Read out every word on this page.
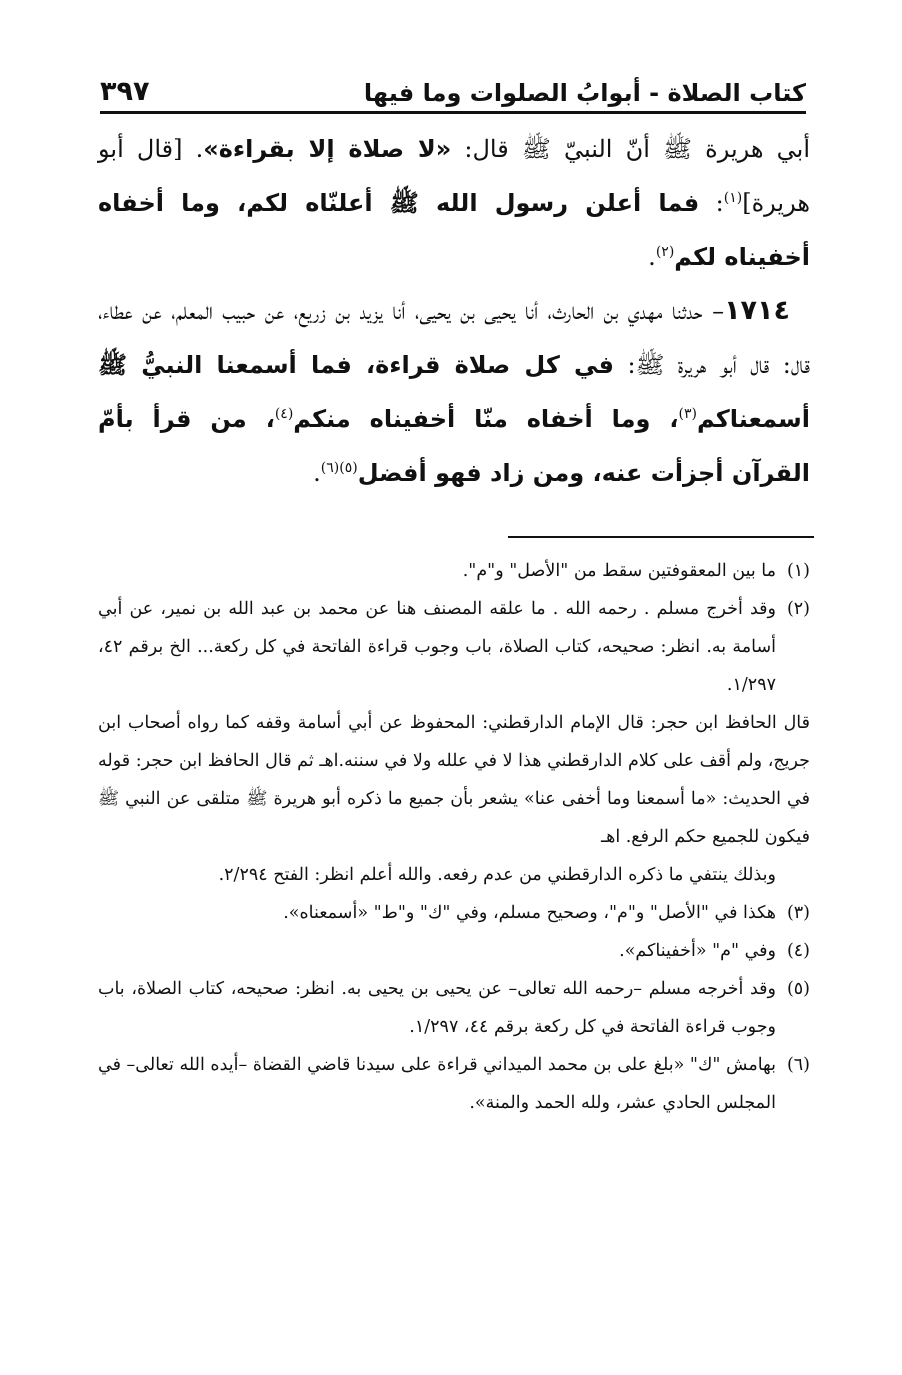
كتاب الصلاة - أبوابُ الصلوات وما فيها
٣٩٧

أبي هريرة ﷺ أنّ النبيّ ﷺ قال: «لا صلاة إلا بقراءة». [قال أبو هريرة]$^{(١)}$: فما أعلن رسول الله ﷺ أعلنّاه لكم، وما أخفاه أخفيناه لكم$^{(٢)}$.

١٧١٤– حدثنا مهدي بن الحارث، أنا يحيى بن يحيى، أنا يزيد بن زريع، عن حبيب المعلم، عن عطاء، قال: قال أبو هريرة ﷺ: في كل صلاة قراءة، فما أسمعنا النبيُّ ﷺ أسمعناكم$^{(٣)}$، وما أخفاه منّا أخفيناه منكم$^{(٤)}$، من قرأ بأمّ القرآن أجزأت عنه، ومن زاد فهو أفضل$^{(٥)(٦)}$.

(١)
ما بين المعقوفتين سقط من "الأصل" و"م".
(٢)
وقد أخرج مسلم . رحمه الله . ما علقه المصنف هنا عن محمد بن عبد الله بن نمير، عن أبي أسامة به. انظر: صحيحه، كتاب الصلاة، باب وجوب قراءة الفاتحة في كل ركعة... الخ برقم ٤٢، ١/٢٩٧.

قال الحافظ ابن حجر: قال الإمام الدارقطني: المحفوظ عن أبي أسامة وقفه كما رواه أصحاب ابن جريج، ولم أقف على كلام الدارقطني هذا لا في علله ولا في سننه.اهـ ثم قال الحافظ ابن حجر: قوله في الحديث: «ما أسمعنا وما أخفى عنا» يشعر بأن جميع ما ذكره أبو هريرة ﷺ متلقى عن النبي ﷺ فيكون للجميع حكم الرفع. اهـ

وبذلك ينتفي ما ذكره الدارقطني من عدم رفعه. والله أعلم انظر: الفتح ٢/٢٩٤.

(٣)
هكذا في "الأصل" و"م"، وصحيح مسلم، وفي "ك" و"ط" «أسمعناه».
(٤)
وفي "م" «أخفيناكم».
(٥)
وقد أخرجه مسلم –رحمه الله تعالى– عن يحيى بن يحيى به. انظر: صحيحه، كتاب الصلاة، باب وجوب قراءة الفاتحة في كل ركعة برقم ٤٤، ١/٢٩٧.
(٦)
بهامش "ك" «بلغ على بن محمد الميداني قراءة على سيدنا قاضي القضاة –أيده الله تعالى– في المجلس الحادي عشر، ولله الحمد والمنة».
